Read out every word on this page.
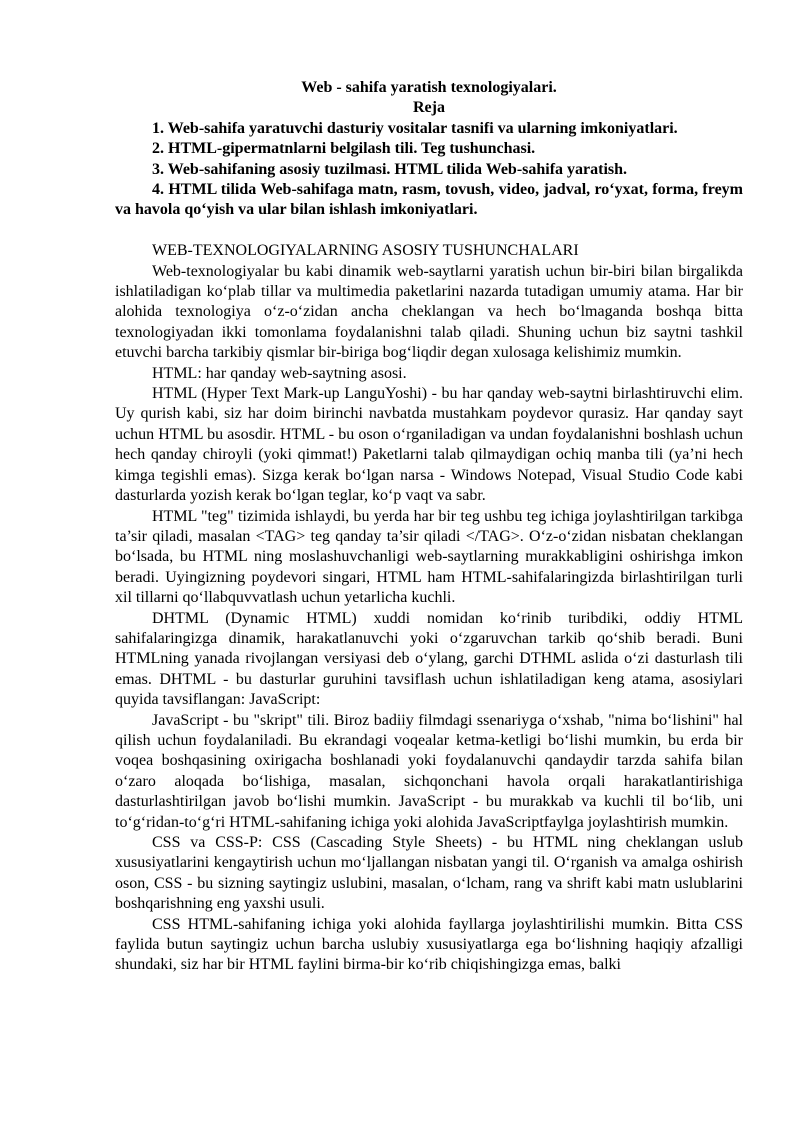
Web - sahifa yaratish texnologiyalari.

Reja

1. Web-sahifa yaratuvchi dasturiy vositalar tasnifi va ularning imkoniyatlari.

2. HTML-gipermatnlarni belgilash tili. Teg tushunchasi.

3. Web-sahifaning asosiy tuzilmasi. HTML tilida Web-sahifa yaratish.

4. HTML tilida Web-sahifaga matn, rasm, tovush, video, jadval, ro‘yxat, forma, freym va havola qo‘yish va ular bilan ishlash imkoniyatlari.

WEB-TEXNOLOGIYALARNING ASOSIY TUSHUNCHALARI

Web-texnologiyalar bu kabi dinamik web-saytlarni yaratish uchun bir-biri bilan birgalikda ishlatiladigan ko‘plab tillar va multimedia paketlarini nazarda tutadigan umumiy atama. Har bir alohida texnologiya o‘z-o‘zidan ancha cheklangan va hech bo‘lmaganda boshqa bitta texnologiyadan ikki tomonlama foydalanishni talab qiladi. Shuning uchun biz saytni tashkil etuvchi barcha tarkibiy qismlar bir-biriga bog‘liqdir degan xulosaga kelishimiz mumkin.

HTML: har qanday web-saytning asosi.

HTML (Hyper Text Mark-up LanguYoshi) - bu har qanday web-saytni birlashtiruvchi elim. Uy qurish kabi, siz har doim birinchi navbatda mustahkam poydevor qurasiz. Har qanday sayt uchun HTML bu asosdir. HTML - bu oson o‘rganiladigan va undan foydalanishni boshlash uchun hech qanday chiroyli (yoki qimmat!) Paketlarni talab qilmaydigan ochiq manba tili (ya’ni hech kimga tegishli emas). Sizga kerak bo‘lgan narsa - Windows Notepad, Visual Studio Code kabi dasturlarda yozish kerak bo‘lgan teglar, ko‘p vaqt va sabr.

HTML "teg" tizimida ishlaydi, bu yerda har bir teg ushbu teg ichiga joylashtirilgan tarkibga ta’sir qiladi, masalan <TAG> teg qanday ta’sir qiladi </TAG>. O‘z-o‘zidan nisbatan cheklangan bo‘lsada, bu HTML ning moslashuvchanligi web-saytlarning murakkabligini oshirishga imkon beradi. Uyingizning poydevori singari, HTML ham HTML-sahifalaringizda birlashtirilgan turli xil tillarni qo‘llabquvvatlash uchun yetarlicha kuchli.

DHTML (Dynamic HTML) xuddi nomidan ko‘rinib turibdiki, oddiy HTML sahifalaringizga dinamik, harakatlanuvchi yoki o‘zgaruvchan tarkib qo‘shib beradi. Buni HTMLning yanada rivojlangan versiyasi deb o‘ylang, garchi DTHML aslida o‘zi dasturlash tili emas. DHTML - bu dasturlar guruhini tavsiflash uchun ishlatiladigan keng atama, asosiylari quyida tavsiflangan: JavaScript:

JavaScript - bu "skript" tili. Biroz badiiy filmdagi ssenariyga o‘xshab, "nima bo‘lishini" hal qilish uchun foydalaniladi. Bu ekrandagi voqealar ketma-ketligi bo‘lishi mumkin, bu erda bir voqea boshqasining oxirigacha boshlanadi yoki foydalanuvchi qandaydir tarzda sahifa bilan o‘zaro aloqada bo‘lishiga, masalan, sichqonchani havola orqali harakatlantirishiga dasturlashtirilgan javob bo‘lishi mumkin. JavaScript - bu murakkab va kuchli til bo‘lib, uni to‘g‘ridan-to‘g‘ri HTML-sahifaning ichiga yoki alohida JavaScriptfaylga joylashtirish mumkin.

CSS va CSS-P: CSS (Cascading Style Sheets) - bu HTML ning cheklangan uslub xususiyatlarini kengaytirish uchun mo‘ljallangan nisbatan yangi til. O‘rganish va amalga oshirish oson, CSS - bu sizning saytingiz uslubini, masalan, o‘lcham, rang va shrift kabi matn uslublarini boshqarishning eng yaxshi usuli.

CSS HTML-sahifaning ichiga yoki alohida fayllarga joylashtirilishi mumkin. Bitta CSS faylida butun saytingiz uchun barcha uslubiy xususiyatlarga ega bo‘lishning haqiqiy afzalligi shundaki, siz har bir HTML faylini birma-bir ko‘rib chiqishingizga emas, balki
